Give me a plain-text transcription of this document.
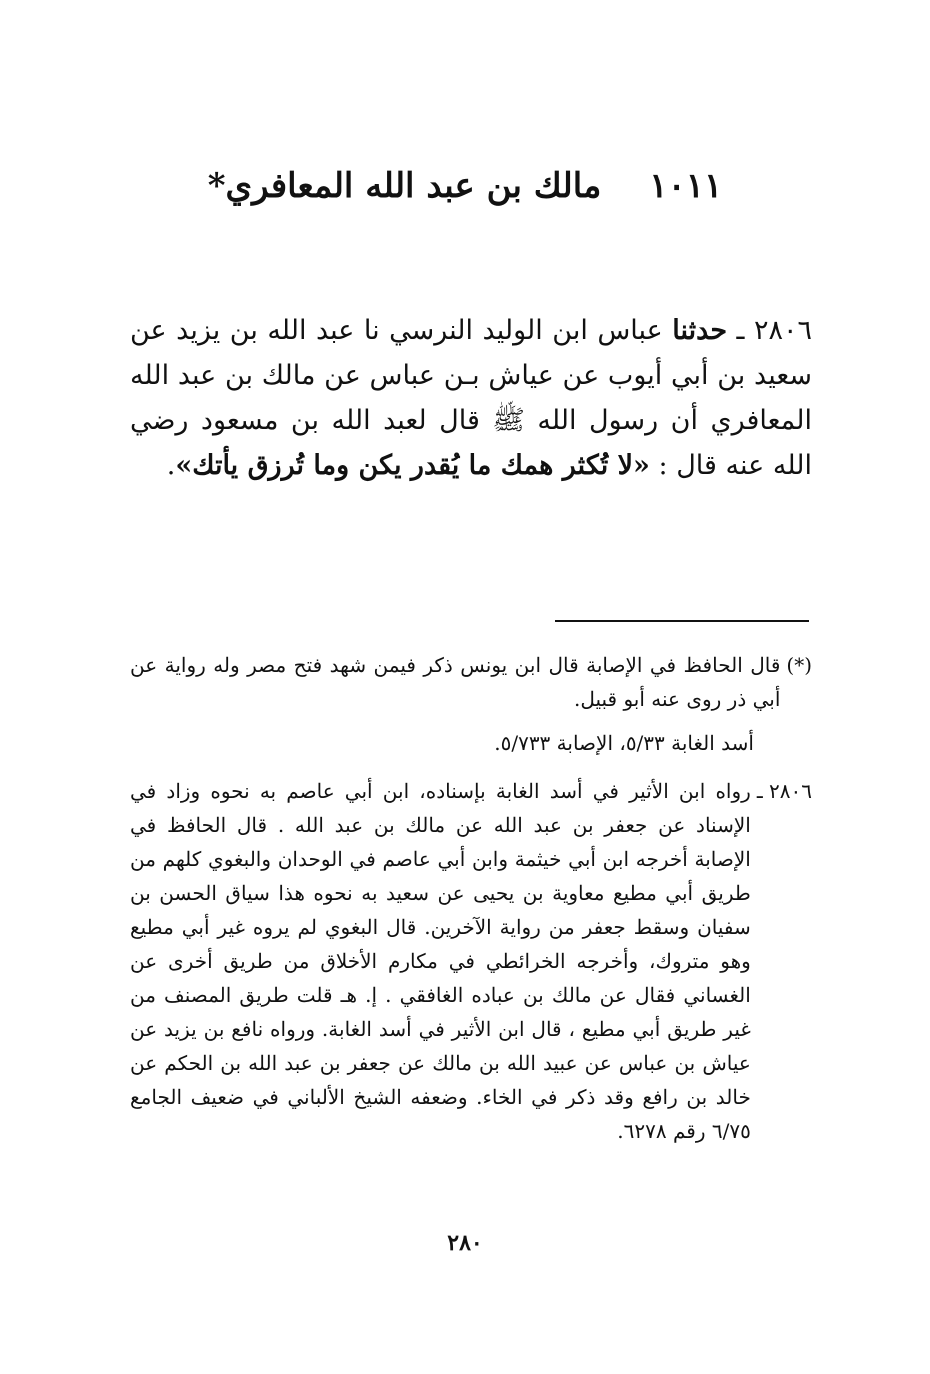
١٠١١ مالك بن عبد الله المعافري*
٢٨٠٦ ـ حدثنا عباس ابن الوليد النرسي نا عبد الله بن يزيد عن سعيد بن أبي أيوب عن عياش بـن عباس عن مالك بن عبد الله المعافري أن رسول الله ﷺ قال لعبد الله بن مسعود رضي الله عنه قال : «لا تُكثر همك ما يُقدر يكن وما تُرزق يأتك».
(*)
قال الحافظ في الإصابة قال ابن يونس ذكر فيمن شهد فتح مصر وله رواية عن أبي ذر روى عنه أبو قبيل.
أسد الغابة ٥/٣٣، الإصابة ٥/٧٣٣.
٢٨٠٦ ـ
رواه ابن الأثير في أسد الغابة بإسناده، ابن أبي عاصم به نحوه وزاد في الإسناد عن جعفر بن عبد الله عن مالك بن عبد الله . قال الحافظ في الإصابة أخرجه ابن أبي خيثمة وابن أبي عاصم في الوحدان والبغوي كلهم من طريق أبي مطيع معاوية بن يحيى عن سعيد به نحوه هذا سياق الحسن بن سفيان وسقط جعفر من رواية الآخرين. قال البغوي لم يروه غير أبي مطيع وهو متروك، وأخرجه الخرائطي في مكارم الأخلاق من طريق أخرى عن الغساني فقال عن مالك بن عباده الغافقي . إ. هـ قلت طريق المصنف من غير طريق أبي مطيع ، قال ابن الأثير في أسد الغابة. ورواه نافع بن يزيد عن عياش بن عباس عن عبيد الله بن مالك عن جعفر بن عبد الله بن الحكم عن خالد بن رافع وقد ذكر في الخاء. وضعفه الشيخ الألباني في ضعيف الجامع ٦/٧٥ رقم ٦٢٧٨.
٢٨٠
